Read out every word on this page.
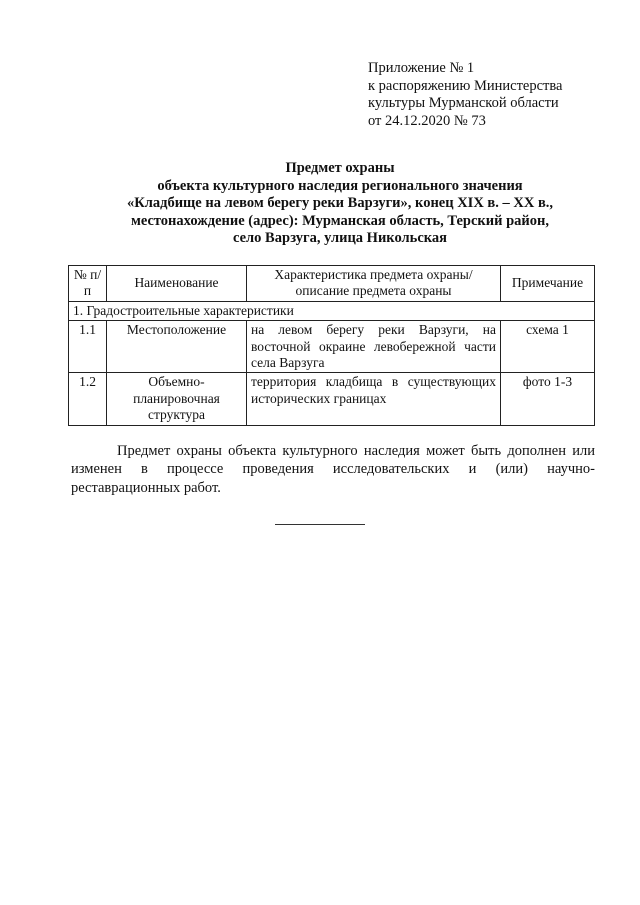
Приложение № 1
к распоряжению Министерства
культуры Мурманской области
от 24.12.2020 № 73
Предмет охраны
объекта культурного наследия регионального значения
«Кладбище на левом берегу реки Варзуги», конец XIX в. – XX в.,
местонахождение (адрес): Мурманская область, Терский район,
село Варзуга, улица Никольская
№ п/п	Наименование	Характеристика предмета охраны/описание предмета охраны	Примечание
1. Градостроительные характеристики			
1.1	Местоположение	на левом берегу реки Варзуги, на восточной окраине левобережной части села Варзуга	схема 1
1.2	Объемно-планировочная структура	территория кладбища в существующих исторических границах	фото 1-3
Предмет охраны объекта культурного наследия может быть дополнен или изменен в процессе проведения исследовательских и (или) научно-реставрационных работ.
